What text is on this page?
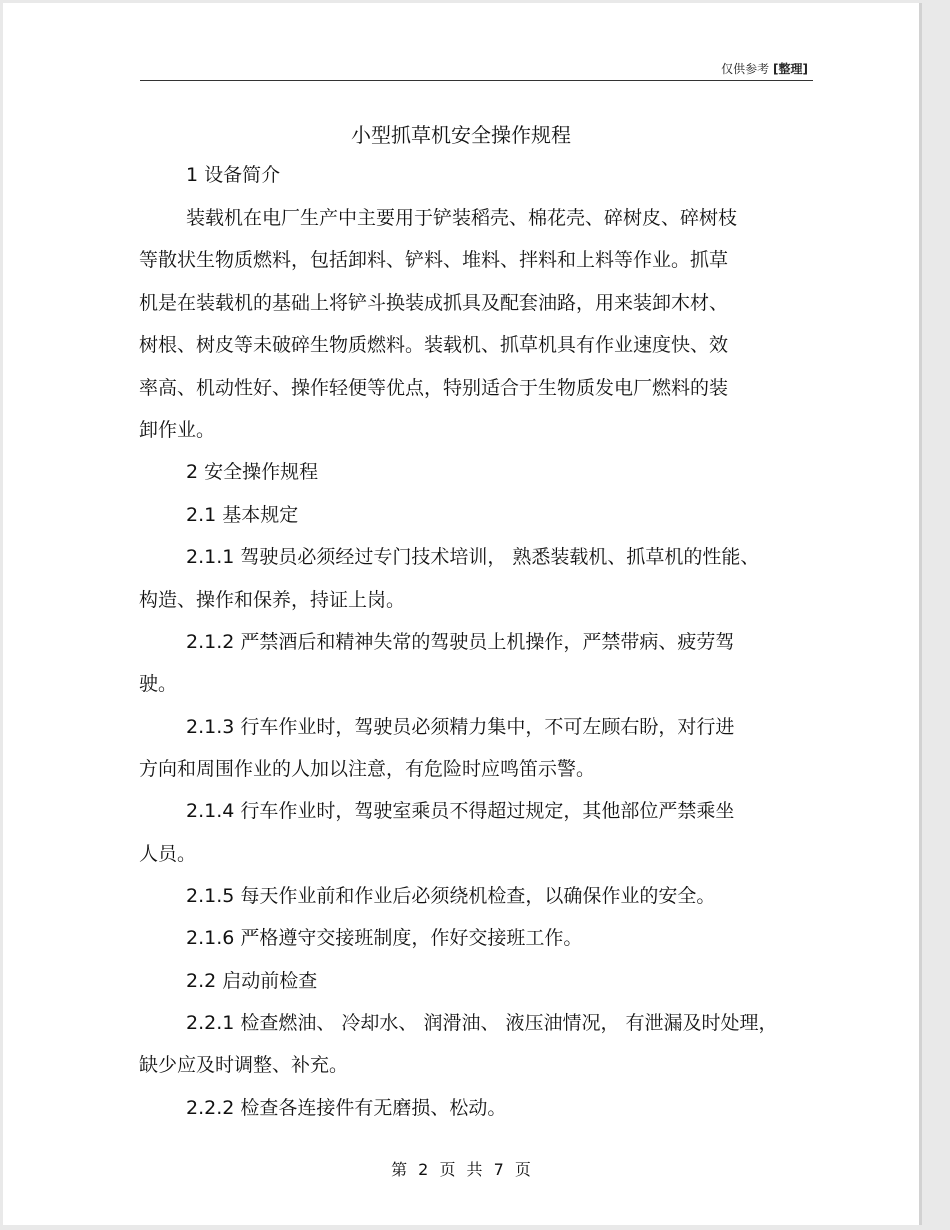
仅供参考 [整理]
小型抓草机安全操作规程
1 设备简介
装载机在电厂生产中主要用于铲装稻壳、棉花壳、碎树皮、碎树枝
等散状生物质燃料，包括卸料、铲料、堆料、拌料和上料等作业。抓草
机是在装载机的基础上将铲斗换装成抓具及配套油路，用来装卸木材、
树根、树皮等未破碎生物质燃料。装载机、抓草机具有作业速度快、效
率高、机动性好、操作轻便等优点，特别适合于生物质发电厂燃料的装
卸作业。
2 安全操作规程
2.1 基本规定
2.1.1 驾驶员必须经过专门技术培训， 熟悉装载机、抓草机的性能、
构造、操作和保养，持证上岗。
2.1.2 严禁酒后和精神失常的驾驶员上机操作，严禁带病、疲劳驾
驶。
2.1.3 行车作业时，驾驶员必须精力集中，不可左顾右盼，对行进
方向和周围作业的人加以注意，有危险时应鸣笛示警。
2.1.4 行车作业时，驾驶室乘员不得超过规定，其他部位严禁乘坐
人员。
2.1.5 每天作业前和作业后必须绕机检查，以确保作业的安全。
2.1.6 严格遵守交接班制度，作好交接班工作。
2.2 启动前检查
2.2.1 检查燃油、 冷却水、 润滑油、 液压油情况， 有泄漏及时处理，
缺少应及时调整、补充。
2.2.2 检查各连接件有无磨损、松动。
第 2 页 共 7 页
